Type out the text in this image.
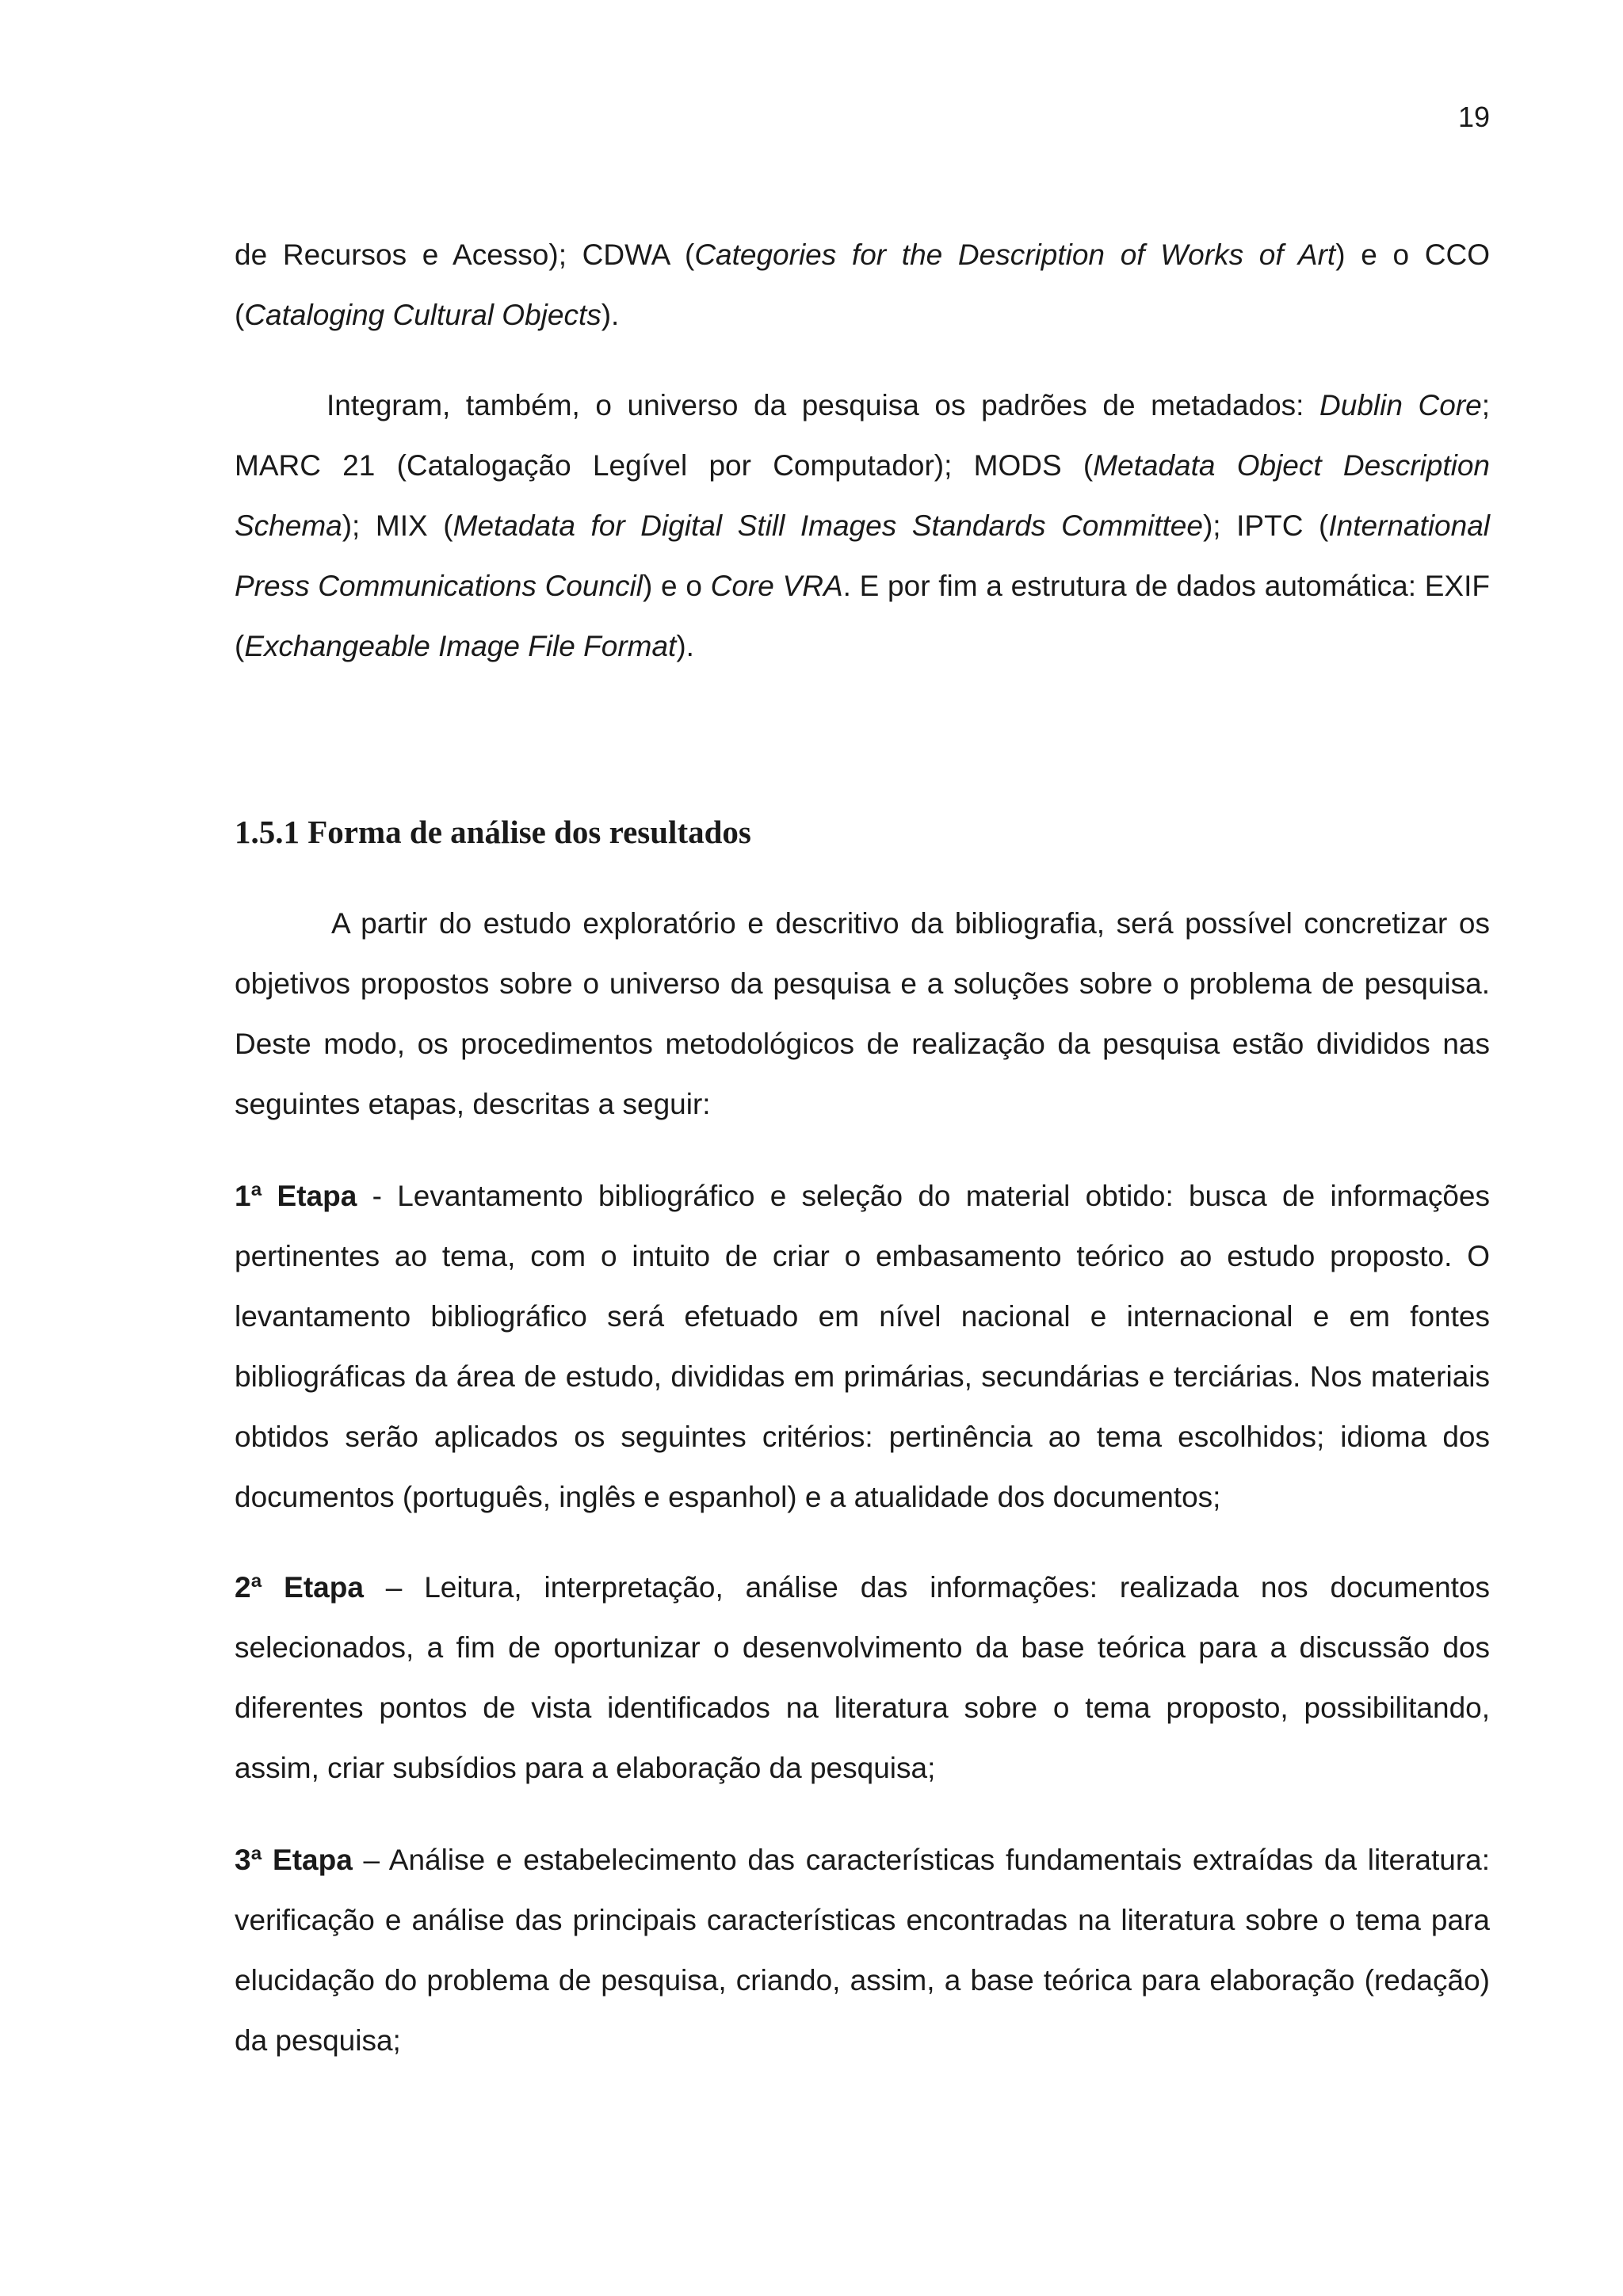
19

de Recursos e Acesso); CDWA (Categories for the Description of Works of Art) e o CCO (Cataloging Cultural Objects).

Integram, também, o universo da pesquisa os padrões de metadados: Dublin Core; MARC 21 (Catalogação Legível por Computador); MODS (Metadata Object Description Schema); MIX (Metadata for Digital Still Images Standards Committee); IPTC (International Press Communications Council) e o Core VRA. E por fim a estrutura de dados automática: EXIF (Exchangeable Image File Format).

1.5.1 Forma de análise dos resultados

A partir do estudo exploratório e descritivo da bibliografia, será possível concretizar os objetivos propostos sobre o universo da pesquisa e a soluções sobre o problema de pesquisa. Deste modo, os procedimentos metodológicos de realização da pesquisa estão divididos nas seguintes etapas, descritas a seguir:

1ª Etapa - Levantamento bibliográfico e seleção do material obtido: busca de informações pertinentes ao tema, com o intuito de criar o embasamento teórico ao estudo proposto. O levantamento bibliográfico será efetuado em nível nacional e internacional e em fontes bibliográficas da área de estudo, divididas em primárias, secundárias e terciárias. Nos materiais obtidos serão aplicados os seguintes critérios: pertinência ao tema escolhidos; idioma dos documentos (português, inglês e espanhol) e a atualidade dos documentos;

2ª Etapa – Leitura, interpretação, análise das informações: realizada nos documentos selecionados, a fim de oportunizar o desenvolvimento da base teórica para a discussão dos diferentes pontos de vista identificados na literatura sobre o tema proposto, possibilitando, assim, criar subsídios para a elaboração da pesquisa;

3ª Etapa – Análise e estabelecimento das características fundamentais extraídas da literatura: verificação e análise das principais características encontradas na literatura sobre o tema para elucidação do problema de pesquisa, criando, assim, a base teórica para elaboração (redação) da pesquisa;
